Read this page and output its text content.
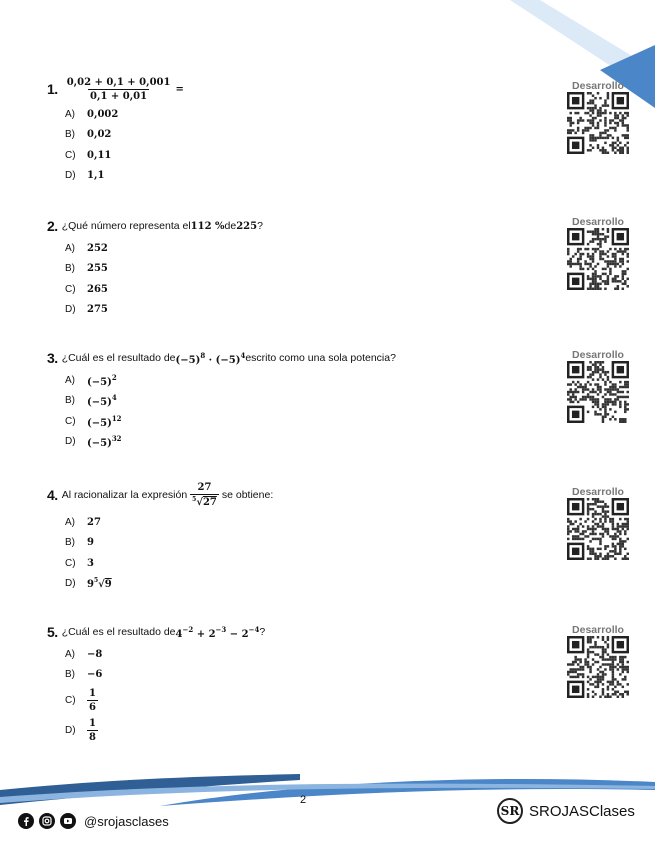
1. $\frac{0,02 + 0,1 + 0,001}{0,1 + 0,01}$ =
A)	0,002
B)	0,02
C)	0,11
D)	1,1
2. ¿Qué número representa el 112 % de 225 ?
A)	252
B)	255
C)	265
D)	275
3. ¿Cuál es el resultado de $(-5)^8 \cdot (-5)^4$ escrito como una sola potencia?
A)	$(-5)^2$
B)	$(-5)^4$
C)	$(-5)^{12}$
D)	$(-5)^{32}$
4. Al racionalizar la expresión $\frac{27}{^5√27}$ se obtiene:
A)	27
B)	9
C)	3
D)	$9^5√9$
5. ¿Cuál es el resultado de $4^{-2} + 2^{-3} - 2^{-4}$ ?
A)	−8
B)	−6
C)	$\frac{1}{6}$
D)	$\frac{1}{8}$
Desarrollo
Desarrollo
Desarrollo
Desarrollo
Desarrollo
2
@srojasclases
SR SROJASClases
